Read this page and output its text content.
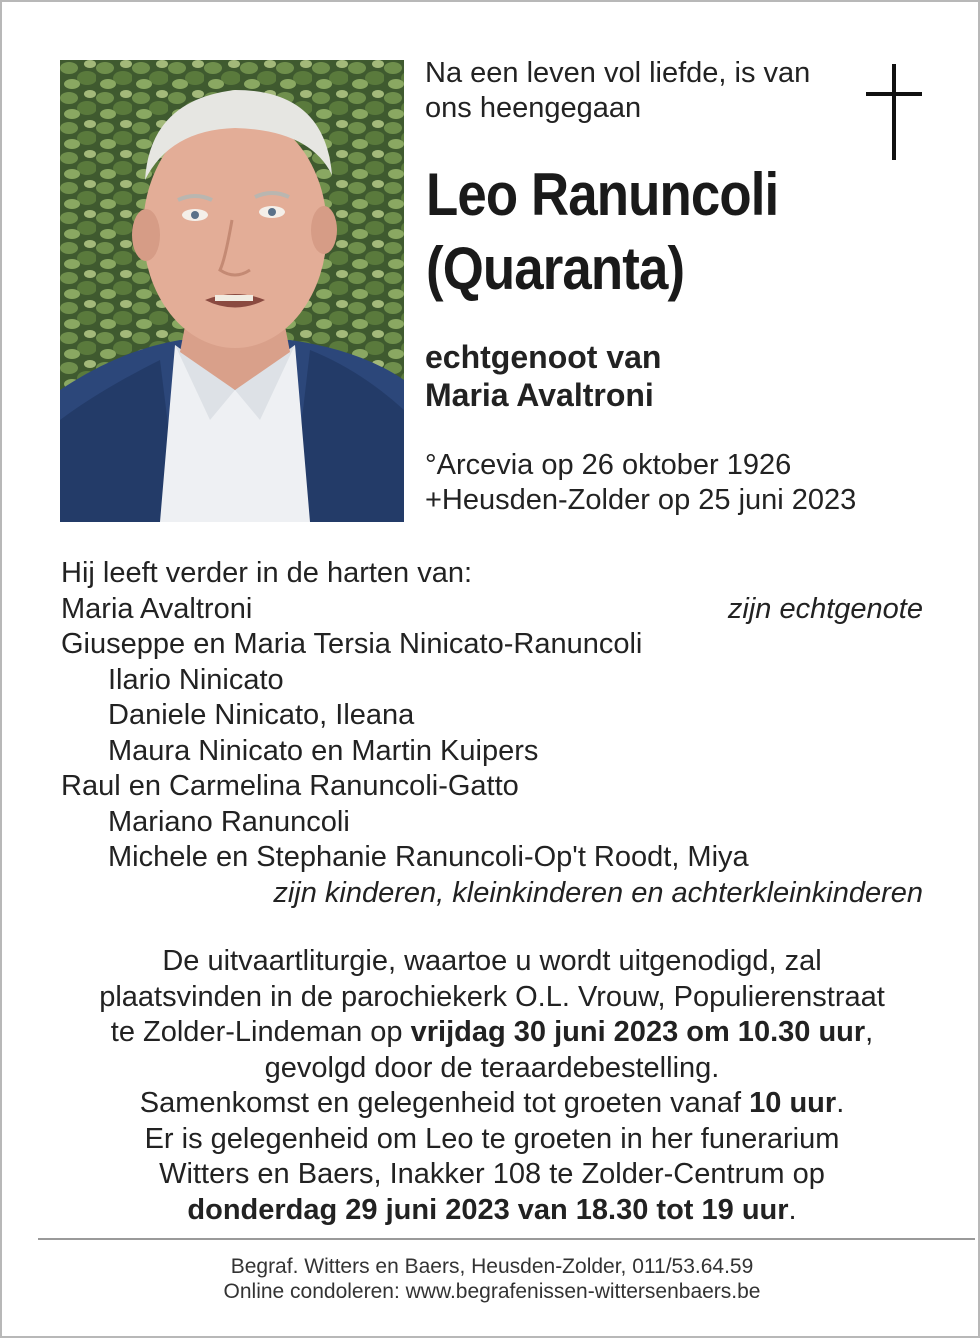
Na een leven vol liefde, is van
ons heengegaan
Leo Ranuncoli
(Quaranta)
echtgenoot van
Maria Avaltroni
°Arcevia op 26 oktober 1926
+Heusden-Zolder op 25 juni 2023
Hij leeft verder in de harten van:
Maria Avaltroni	zijn echtgenote
Giuseppe en Maria Tersia Ninicato-Ranuncoli
Ilario Ninicato
Daniele Ninicato, Ileana
Maura Ninicato en Martin Kuipers
Raul en Carmelina Ranuncoli-Gatto
Mariano Ranuncoli
Michele en Stephanie Ranuncoli-Op't Roodt, Miya
zijn kinderen, kleinkinderen en achterkleinkinderen
De uitvaartliturgie, waartoe u wordt uitgenodigd, zal
plaatsvinden in de parochiekerk O.L. Vrouw, Populierenstraat
te Zolder-Lindeman op vrijdag 30 juni 2023 om 10.30 uur,
gevolgd door de teraardebestelling.
Samenkomst en gelegenheid tot groeten vanaf 10 uur.
Er is gelegenheid om Leo te groeten in her funerarium
Witters en Baers, Inakker 108 te Zolder-Centrum op
donderdag 29 juni 2023 van 18.30 tot 19 uur.
Begraf. Witters en Baers, Heusden-Zolder, 011/53.64.59
Online condoleren: www.begrafenissen-wittersenbaers.be
